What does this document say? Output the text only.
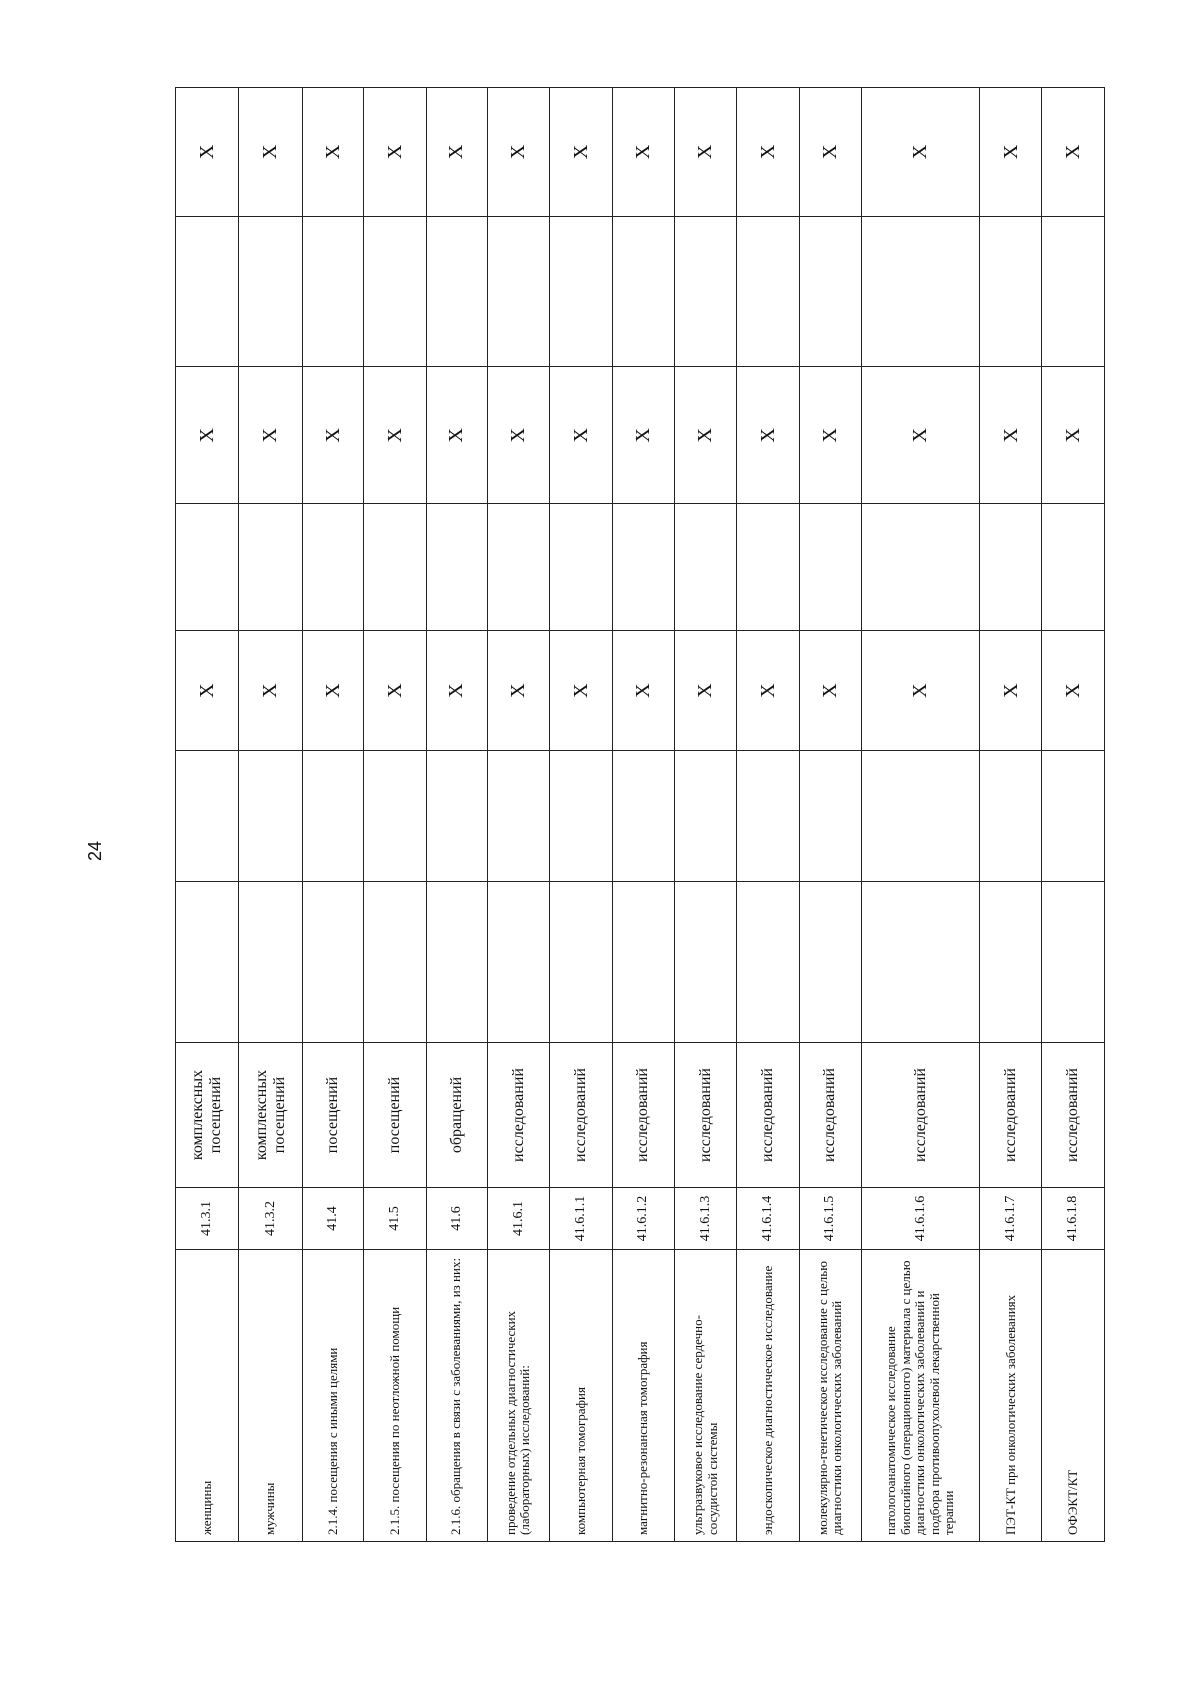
24
женщины	41.3.1	комплексных посещений			X		X		X
мужчины	41.3.2	комплексных посещений			X		X		X
2.1.4. посещения с иными целями	41.4	посещений			X		X		X
2.1.5. посещения по неотложной помощи	41.5	посещений			X		X		X
2.1.6. обращения в связи с заболеваниями, из них:	41.6	обращений			X		X		X
проведение отдельных диагностических (лабораторных) исследований:	41.6.1	исследований			X		X		X
компьютерная томография	41.6.1.1	исследований			X		X		X
магнитно-резонансная томография	41.6.1.2	исследований			X		X		X
ультразвуковое исследование сердечно-сосудистой системы	41.6.1.3	исследований			X		X		X
эндоскопическое диагностическое исследование	41.6.1.4	исследований			X		X		X
молекулярно-генетическое исследование с целью диагностики онкологических заболеваний	41.6.1.5	исследований			X		X		X
патологоанатомическое исследование биопсийного (операционного) материала с целью диагностики онкологических заболеваний и подбора противоопухолевой лекарственной терапии	41.6.1.6	исследований			X		X		X
ПЭТ-КТ при онкологических заболеваниях	41.6.1.7	исследований			X		X		X
ОФЭКТ/КТ	41.6.1.8	исследований			X		X		X
